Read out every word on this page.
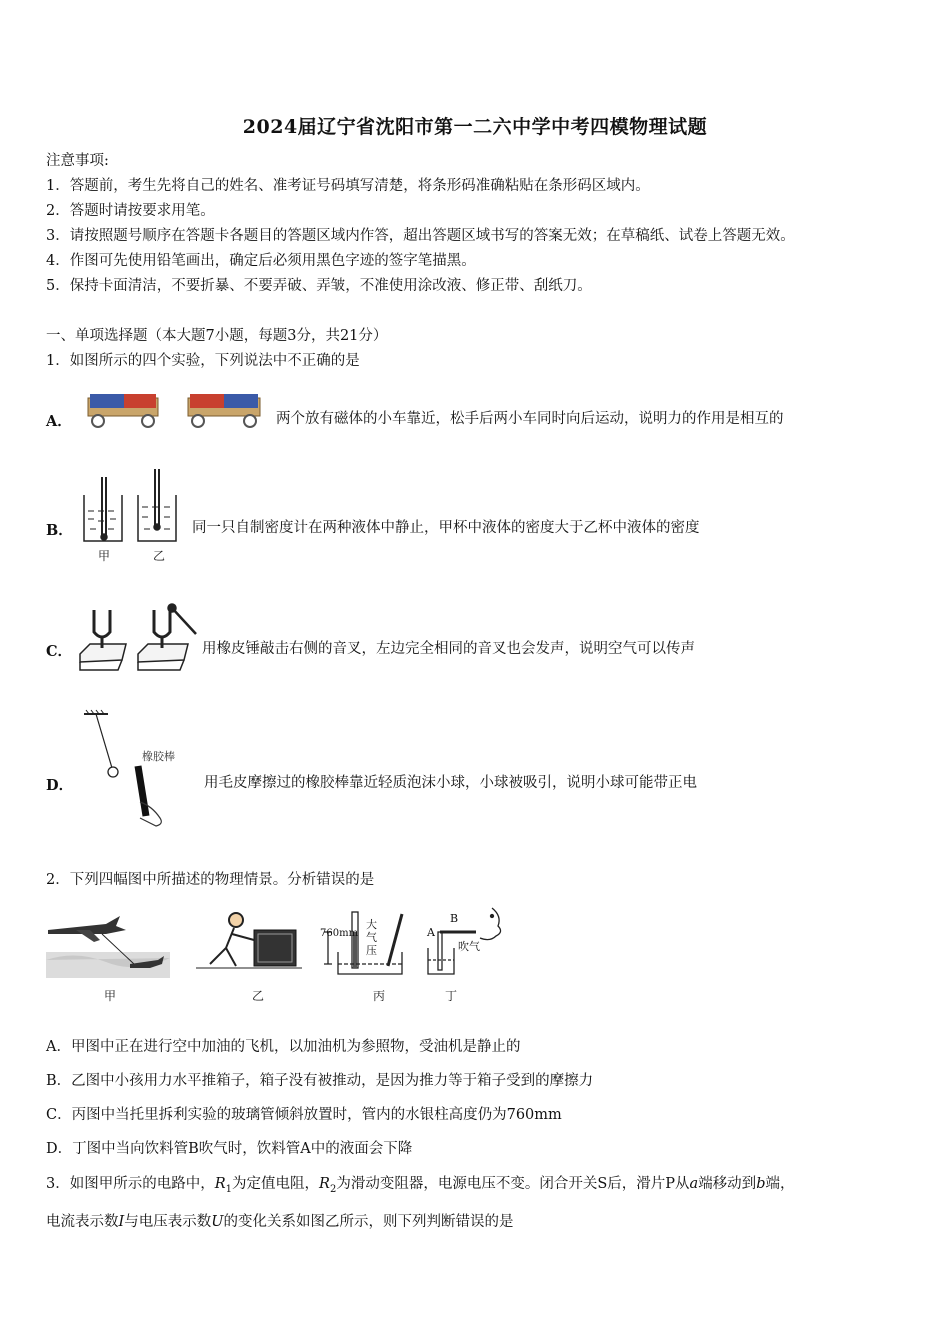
2024届辽宁省沈阳市第一二六中学中考四模物理试题
注意事项:
1．答题前，考生先将自己的姓名、准考证号码填写清楚，将条形码准确粘贴在条形码区域内。
2．答题时请按要求用笔。
3．请按照题号顺序在答题卡各题目的答题区域内作答，超出答题区域书写的答案无效；在草稿纸、试卷上答题无效。
4．作图可先使用铅笔画出，确定后必须用黑色字迹的签字笔描黑。
5．保持卡面清洁，不要折暴、不要弄破、弄皱，不准使用涂改液、修正带、刮纸刀。
一、单项选择题（本大题7小题，每题3分，共21分）
1．如图所示的四个实验，下列说法中不正确的是
A．	两个放有磁体的小车靠近，松手后两小车同时向后运动，说明力的作用是相互的
B．
甲	乙
同一只自制密度计在两种液体中静止，甲杯中液体的密度大于乙杯中液体的密度
C．	用橡皮锤敲击右侧的音叉，左边完全相同的音叉也会发声，说明空气可以传声
D．
橡胶棒
用毛皮摩擦过的橡胶棒靠近轻质泡沫小球，小球被吸引，说明小球可能带正电
2．下列四幅图中所描述的物理情景。分析错误的是
760mm
大
气
压
B
A
吹气
甲	乙	丙	丁
A．甲图中正在进行空中加油的飞机，以加油机为参照物，受油机是静止的
B．乙图中小孩用力水平推箱子，箱子没有被推动，是因为推力等于箱子受到的摩擦力
C．丙图中当托里拆利实验的玻璃管倾斜放置时，管内的水银柱高度仍为760mm
D．丁图中当向饮料管B吹气时，饮料管A中的液面会下降
3．如图甲所示的电路中，$R_1$为定值电阻，$R_2$为滑动变阻器，电源电压不变。闭合开关S后，滑片P从a端移动到b端，
电流表示数I与电压表示数U的变化关系如图乙所示，则下列判断错误的是
